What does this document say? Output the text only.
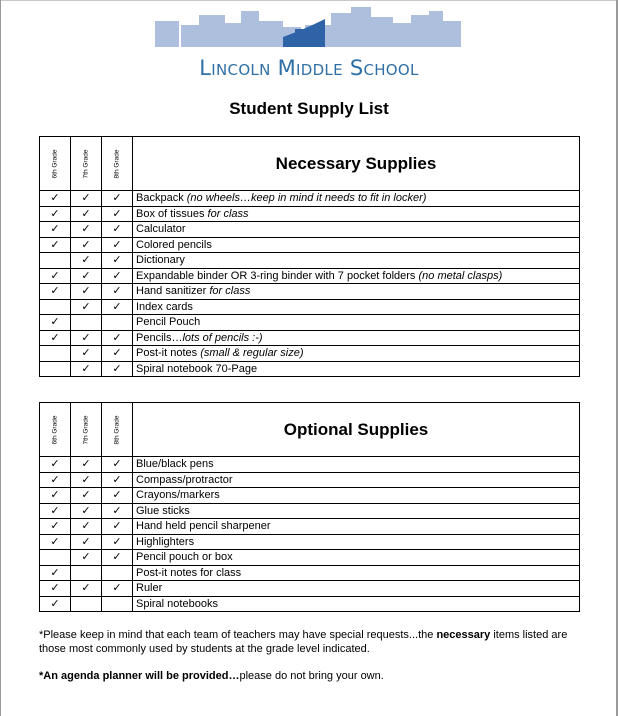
Lincoln Middle School
Student Supply List
6th Grade	7th Grade	8th Grade	Necessary Supplies
✓	✓	✓	Backpack (no wheels…keep in mind it needs to fit in locker)
✓	✓	✓	Box of tissues for class
✓	✓	✓	Calculator
✓	✓	✓	Colored pencils
	✓	✓	Dictionary
✓	✓	✓	Expandable binder OR 3-ring binder with 7 pocket folders (no metal clasps)
✓	✓	✓	Hand sanitizer for class
	✓	✓	Index cards
✓			Pencil Pouch
✓	✓	✓	Pencils…lots of pencils :-)
	✓	✓	Post-it notes (small & regular size)
	✓	✓	Spiral notebook 70-Page
6th Grade	7th Grade	8th Grade	Optional Supplies
✓	✓	✓	Blue/black pens
✓	✓	✓	Compass/protractor
✓	✓	✓	Crayons/markers
✓	✓	✓	Glue sticks
✓	✓	✓	Hand held pencil sharpener
✓	✓	✓	Highlighters
	✓	✓	Pencil pouch or box
✓			Post-it notes for class
✓	✓	✓	Ruler
✓			Spiral notebooks
*Please keep in mind that each team of teachers may have special requests...the necessary items listed are those most commonly used by students at the grade level indicated.
*An agenda planner will be provided…please do not bring your own.
